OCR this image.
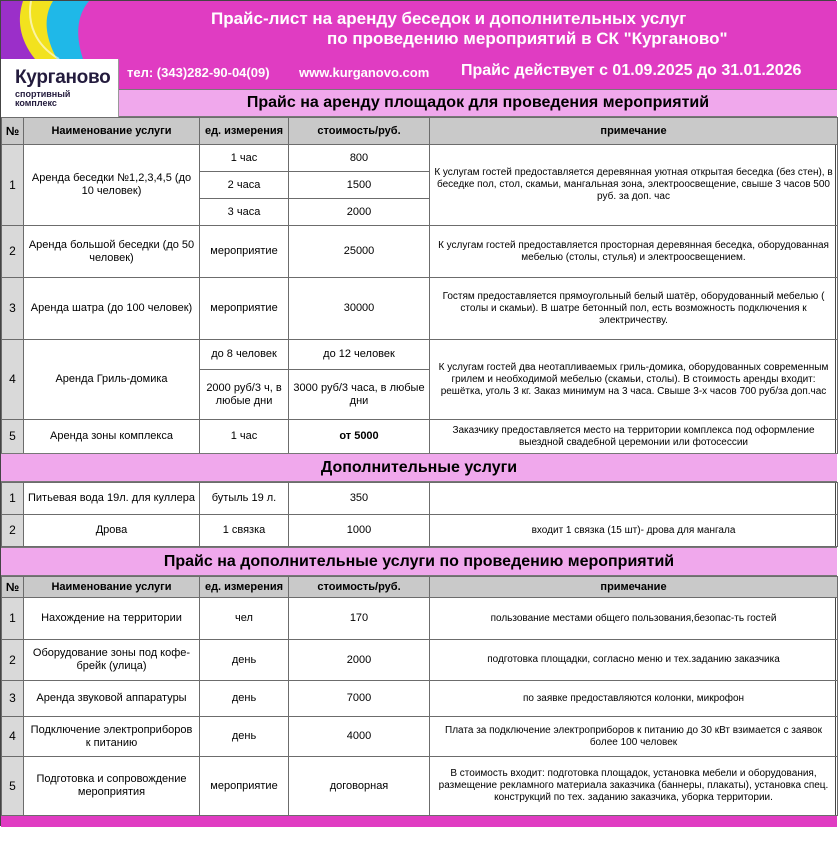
Прайс-лист на аренду беседок и дополнительных услуг
по проведению мероприятий в СК "Курганово"
Курганово
спортивный комплекс
тел: (343)282-90-04(09) www.kurganovo.com Прайс действует с 01.09.2025 до 31.01.2026
Прайс на аренду площадок для проведения мероприятий
№	Наименование услуги	ед. измерения	стоимость/руб.	примечание
1	Аренда беседки №1,2,3,4,5 (до 10 человек)	1 час	800	К услугам гостей предоставляется деревянная уютная открытая беседка (без стен), в беседке пол, стол, скамьи, мангальная зона, электроосвещение, свыше 3 часов 500 руб. за доп. час
		2 часа	1500	
		3 часа	2000	
2	Аренда большой беседки (до 50 человек)	мероприятие	25000	К услугам гостей предоставляется просторная деревянная беседка, оборудованная мебелью (столы, стулья) и электроосвещением.
3	Аренда шатра (до 100 человек)	мероприятие	30000	Гостям предоставляется прямоугольный белый шатёр, оборудованный мебелью ( столы и скамьи). В шатре бетонный пол, есть возможность подключения к электричеству.
4	Аренда Гриль-домика	до 8 человек	до 12 человек	К услугам гостей два неотапливаемых гриль-домика, оборудованных современным грилем и необходимой мебелью (скамьи, столы). В стоимость аренды входит: решётка, уголь 3 кг. Заказ минимум на 3 часа. Свыше 3-х часов 700 руб/за доп.час
		2000 руб/3 ч, в любые дни	3000 руб/3 часа, в любые дни	
5	Аренда зоны комплекса	1 час	от 5000	Заказчику предоставляется место на территории комплекса под оформление выездной свадебной церемонии или фотосессии
Дополнительные услуги
1	Питьевая вода 19л. для куллера	бутыль 19 л.	350	
2	Дрова	1 связка	1000	входит 1 связка (15 шт)- дрова для мангала
Прайс на дополнительные услуги по проведению мероприятий
№	Наименование услуги	ед. измерения	стоимость/руб.	примечание
1	Нахождение на территории	чел	170	пользование местами общего пользования,безопас-ть гостей
2	Оборудование зоны под кофе-брейк (улица)	день	2000	подготовка площадки, согласно меню и тех.заданию заказчика
3	Аренда звуковой аппаратуры	день	7000	по заявке предоставляются колонки, микрофон
4	Подключение электроприборов к питанию	день	4000	Плата за подключение электроприборов к питанию до 30 кВт взимается с заявок более 100 человек
5	Подготовка и сопровождение мероприятия	мероприятие	договорная	В стоимость входит: подготовка площадок, установка мебели и оборудования, размещение рекламного материала заказчика (баннеры, плакаты), установка спец. конструкций по тех. заданию заказчика, уборка территории.
